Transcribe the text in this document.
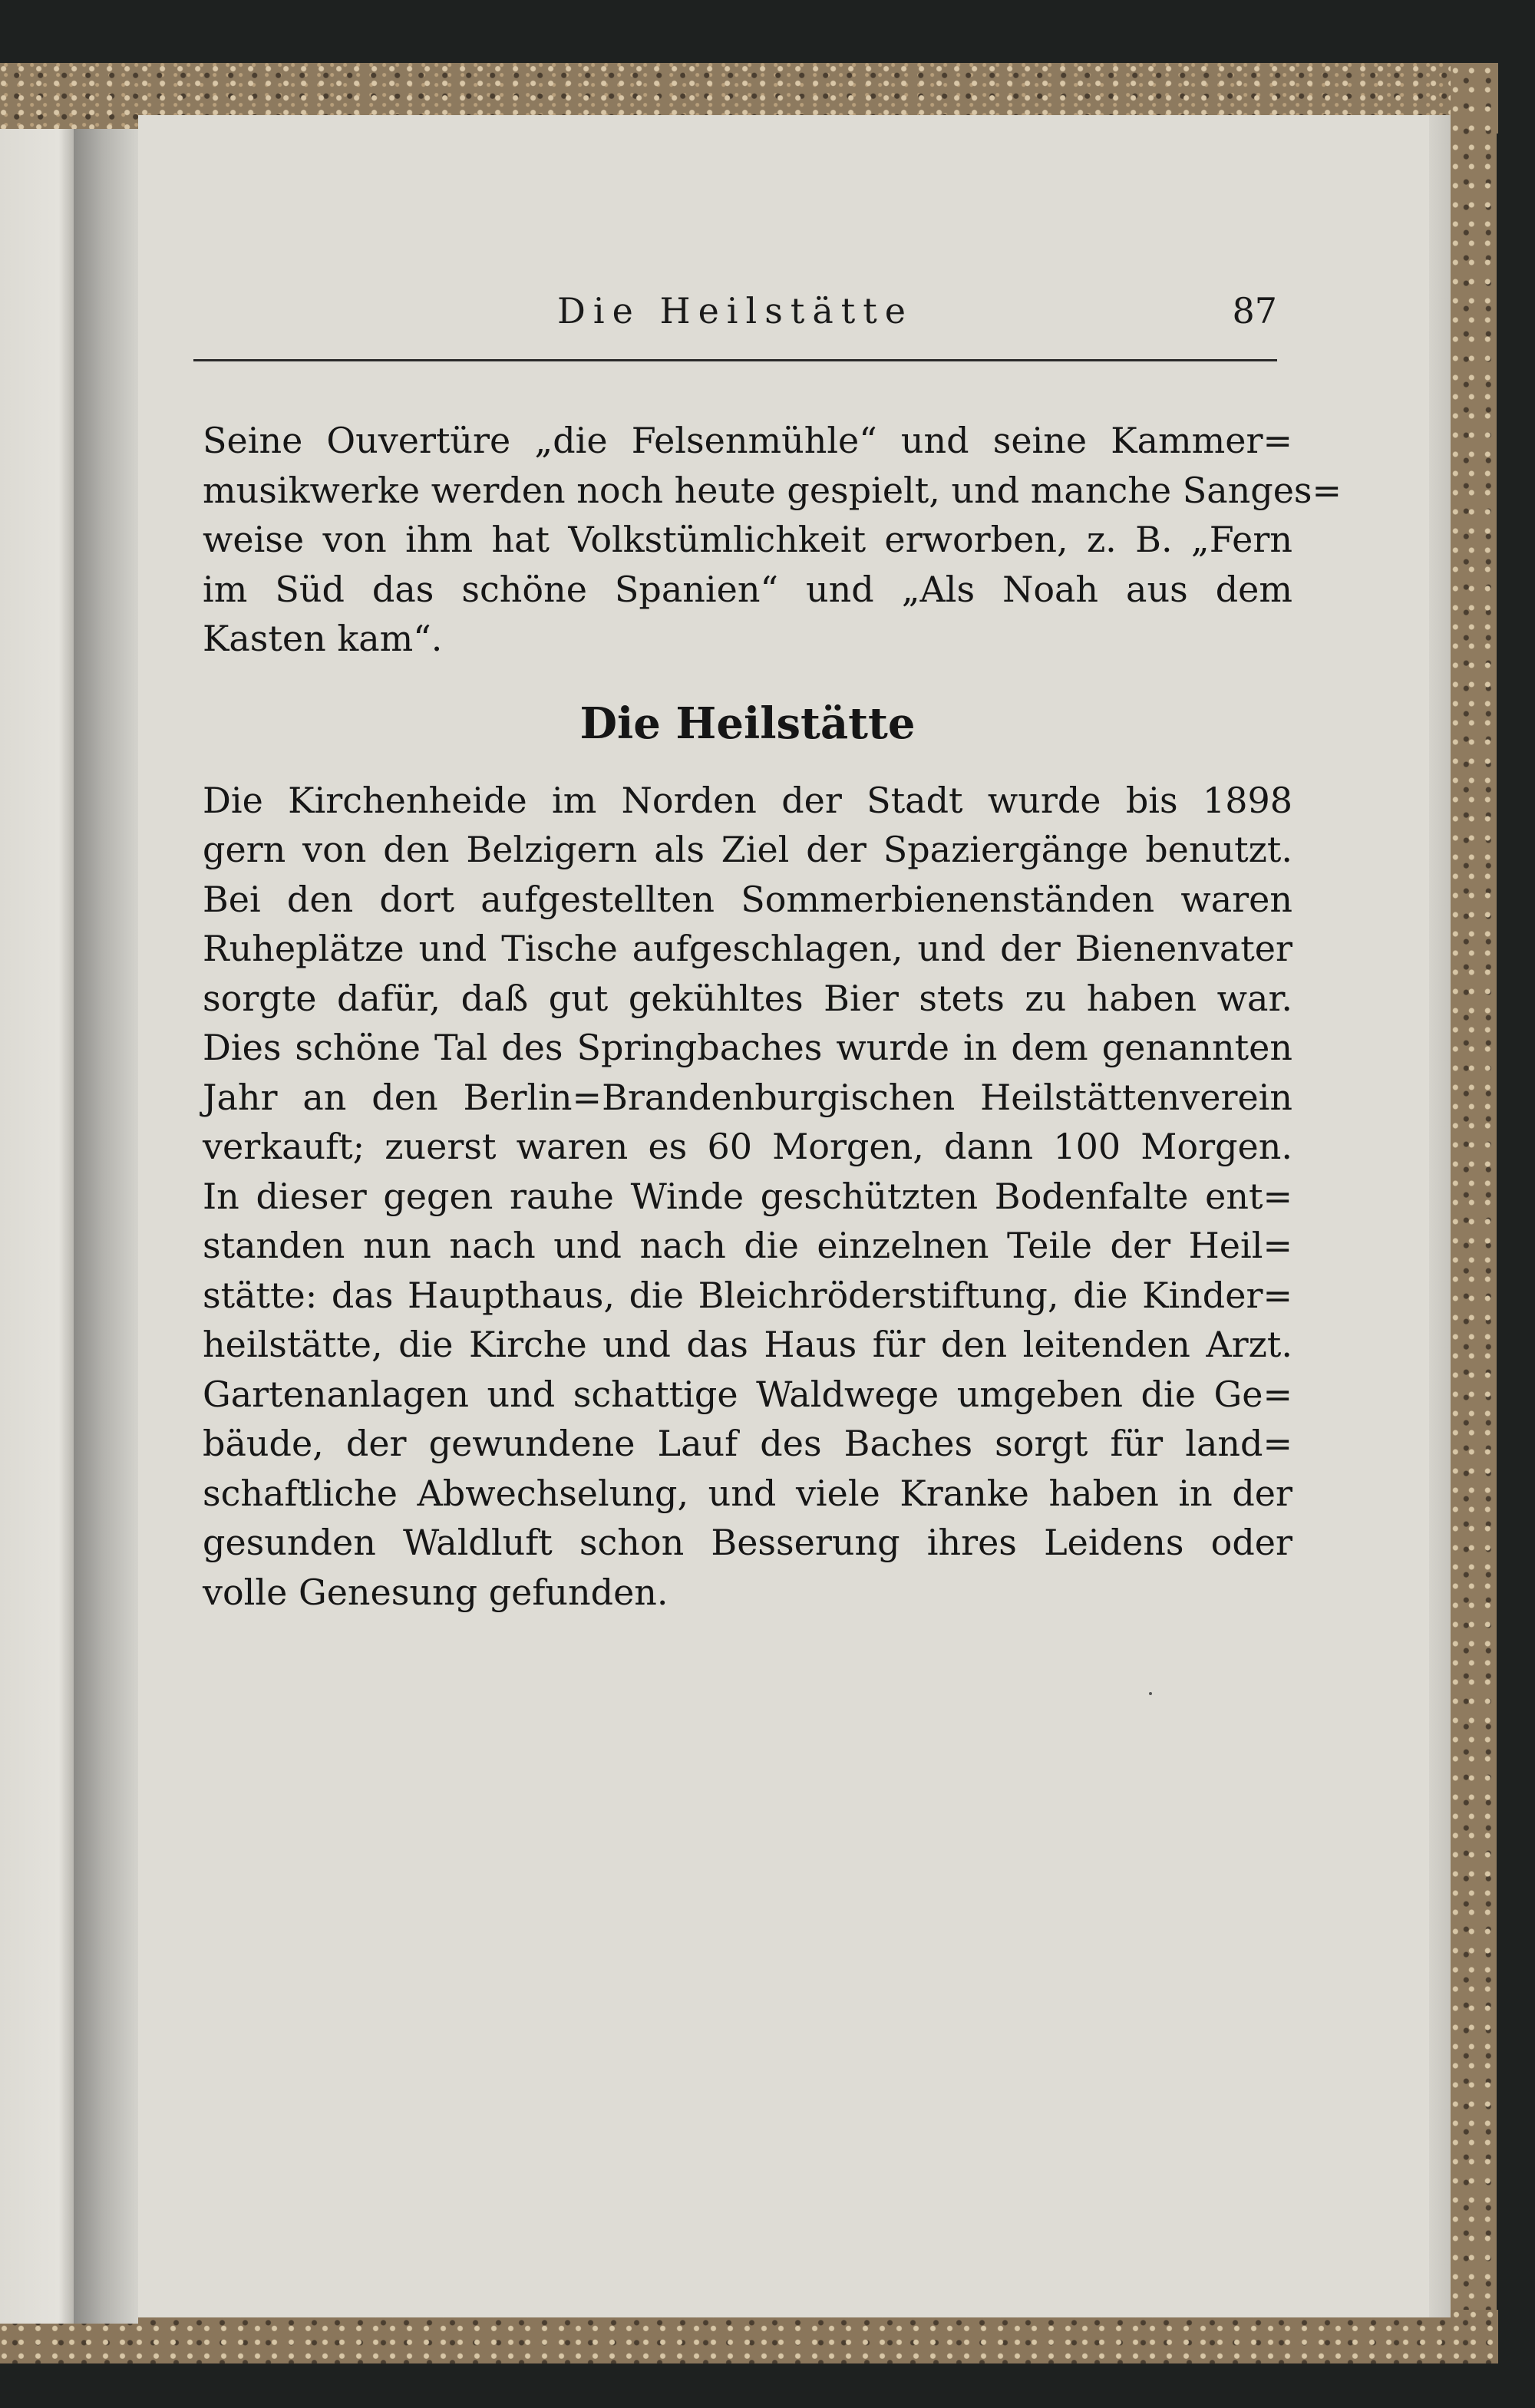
Die Heilstätte	87
Seine Ouvertüre „die Felsenmühle“ und seine Kammer=
musikwerke werden noch heute gespielt, und manche Sanges=
weise von ihm hat Volkstümlichkeit erworben, z. B. „Fern
im Süd das schöne Spanien“ und „Als Noah aus dem
Kasten kam“.
Die Heilstätte
Die Kirchenheide im Norden der Stadt wurde bis 1898
gern von den Belzigern als Ziel der Spaziergänge benutzt.
Bei den dort aufgestellten Sommerbienenständen waren
Ruheplätze und Tische aufgeschlagen, und der Bienenvater
sorgte dafür, daß gut gekühltes Bier stets zu haben war.
Dies schöne Tal des Springbaches wurde in dem genannten
Jahr an den Berlin=Brandenburgischen Heilstättenverein
verkauft; zuerst waren es 60 Morgen, dann 100 Morgen.
In dieser gegen rauhe Winde geschützten Bodenfalte ent=
standen nun nach und nach die einzelnen Teile der Heil=
stätte: das Haupthaus, die Bleichröderstiftung, die Kinder=
heilstätte, die Kirche und das Haus für den leitenden Arzt.
Gartenanlagen und schattige Waldwege umgeben die Ge=
bäude, der gewundene Lauf des Baches sorgt für land=
schaftliche Abwechselung, und viele Kranke haben in der
gesunden Waldluft schon Besserung ihres Leidens oder
volle Genesung gefunden.
